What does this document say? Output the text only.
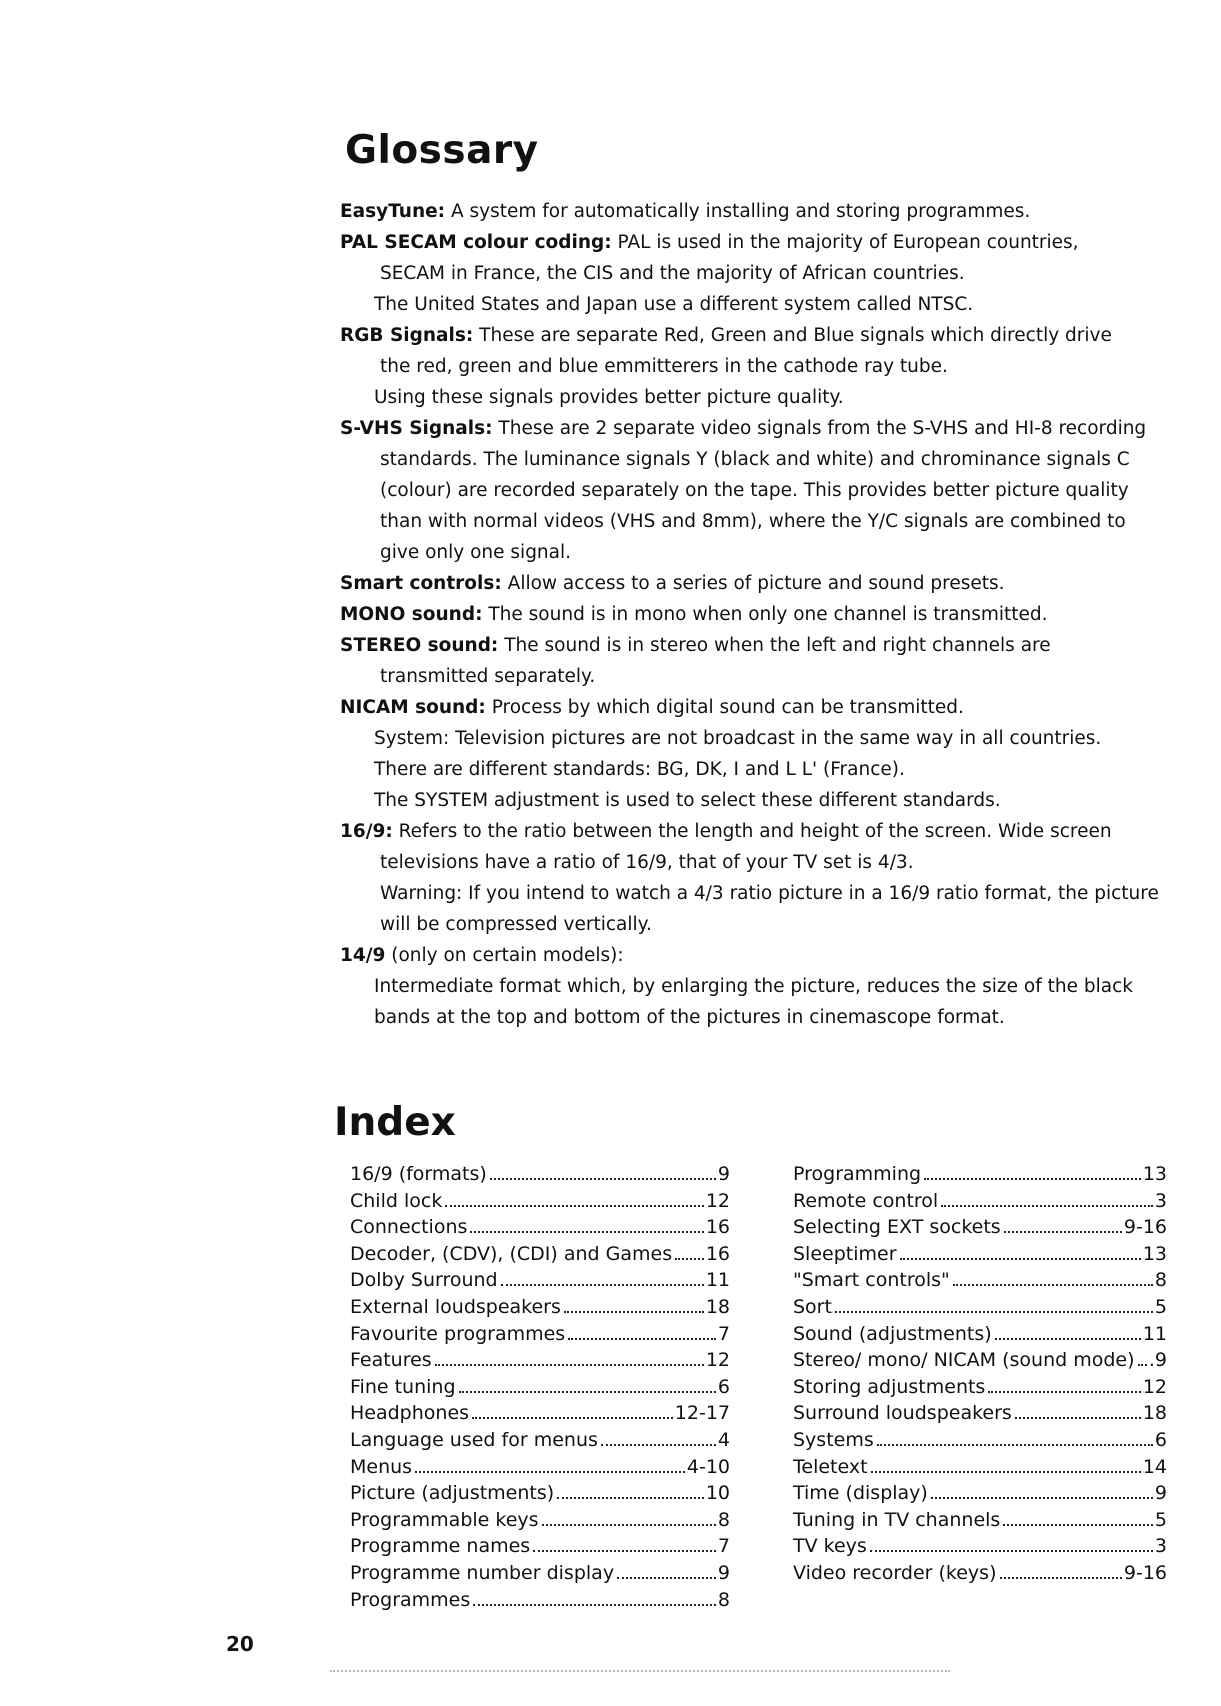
Glossary

EasyTune: A system for automatically installing and storing programmes.

PAL SECAM colour coding: PAL is used in the majority of European countries,

SECAM in France, the CIS and the majority of African countries.

The United States and Japan use a different system called NTSC.

RGB Signals: These are separate Red, Green and Blue signals which directly drive

the red, green and blue emmitterers in the cathode ray tube.

Using these signals provides better picture quality.

S-VHS Signals: These are 2 separate video signals from the S-VHS and HI-8 recording

standards. The luminance signals Y (black and white) and chrominance signals C

(colour) are recorded separately on the tape. This provides better picture quality

than with normal videos (VHS and 8mm), where the Y/C signals are combined to

give only one signal.

Smart controls: Allow access to a series of picture and sound presets.

MONO sound: The sound is in mono when only one channel is transmitted.

STEREO sound: The sound is in stereo when the left and right channels are

transmitted separately.

NICAM sound: Process by which digital sound can be transmitted.

System: Television pictures are not broadcast in the same way in all countries.

There are different standards: BG, DK, I and L L' (France).

The SYSTEM adjustment is used to select these different standards.

16/9: Refers to the ratio between the length and height of the screen. Wide screen

televisions have a ratio of 16/9, that of your TV set is 4/3.

Warning: If you intend to watch a 4/3 ratio picture in a 16/9 ratio format, the picture

will be compressed vertically.

14/9 (only on certain models):

Intermediate format which, by enlarging the picture, reduces the size of the black

bands at the top and bottom of the pictures in cinemascope format.

Index
16/9 (formats)	9
Child lock	12
Connections	16
Decoder, (CDV), (CDI) and Games 16
Dolby Surround	11
External loudspeakers	18
Favourite programmes	7
Features	12
Fine tuning	6
Headphones	12-17
Language used for menus	4
Menus	4-10
Picture (adjustments)	10
Programmable keys	8
Programme names	7
Programme number display	9
Programmes	8
Programming	13
Remote control	3
Selecting EXT sockets	9-16
Sleeptimer	13
"Smart controls"	8
Sort	5
Sound (adjustments)	11
Stereo/ mono/ NICAM (sound mode) .9
Storing adjustments	12
Surround loudspeakers	18
Systems	6
Teletext	14
Time (display)	9
Tuning in TV channels	5
TV keys	3
Video recorder (keys)	9-16
20
